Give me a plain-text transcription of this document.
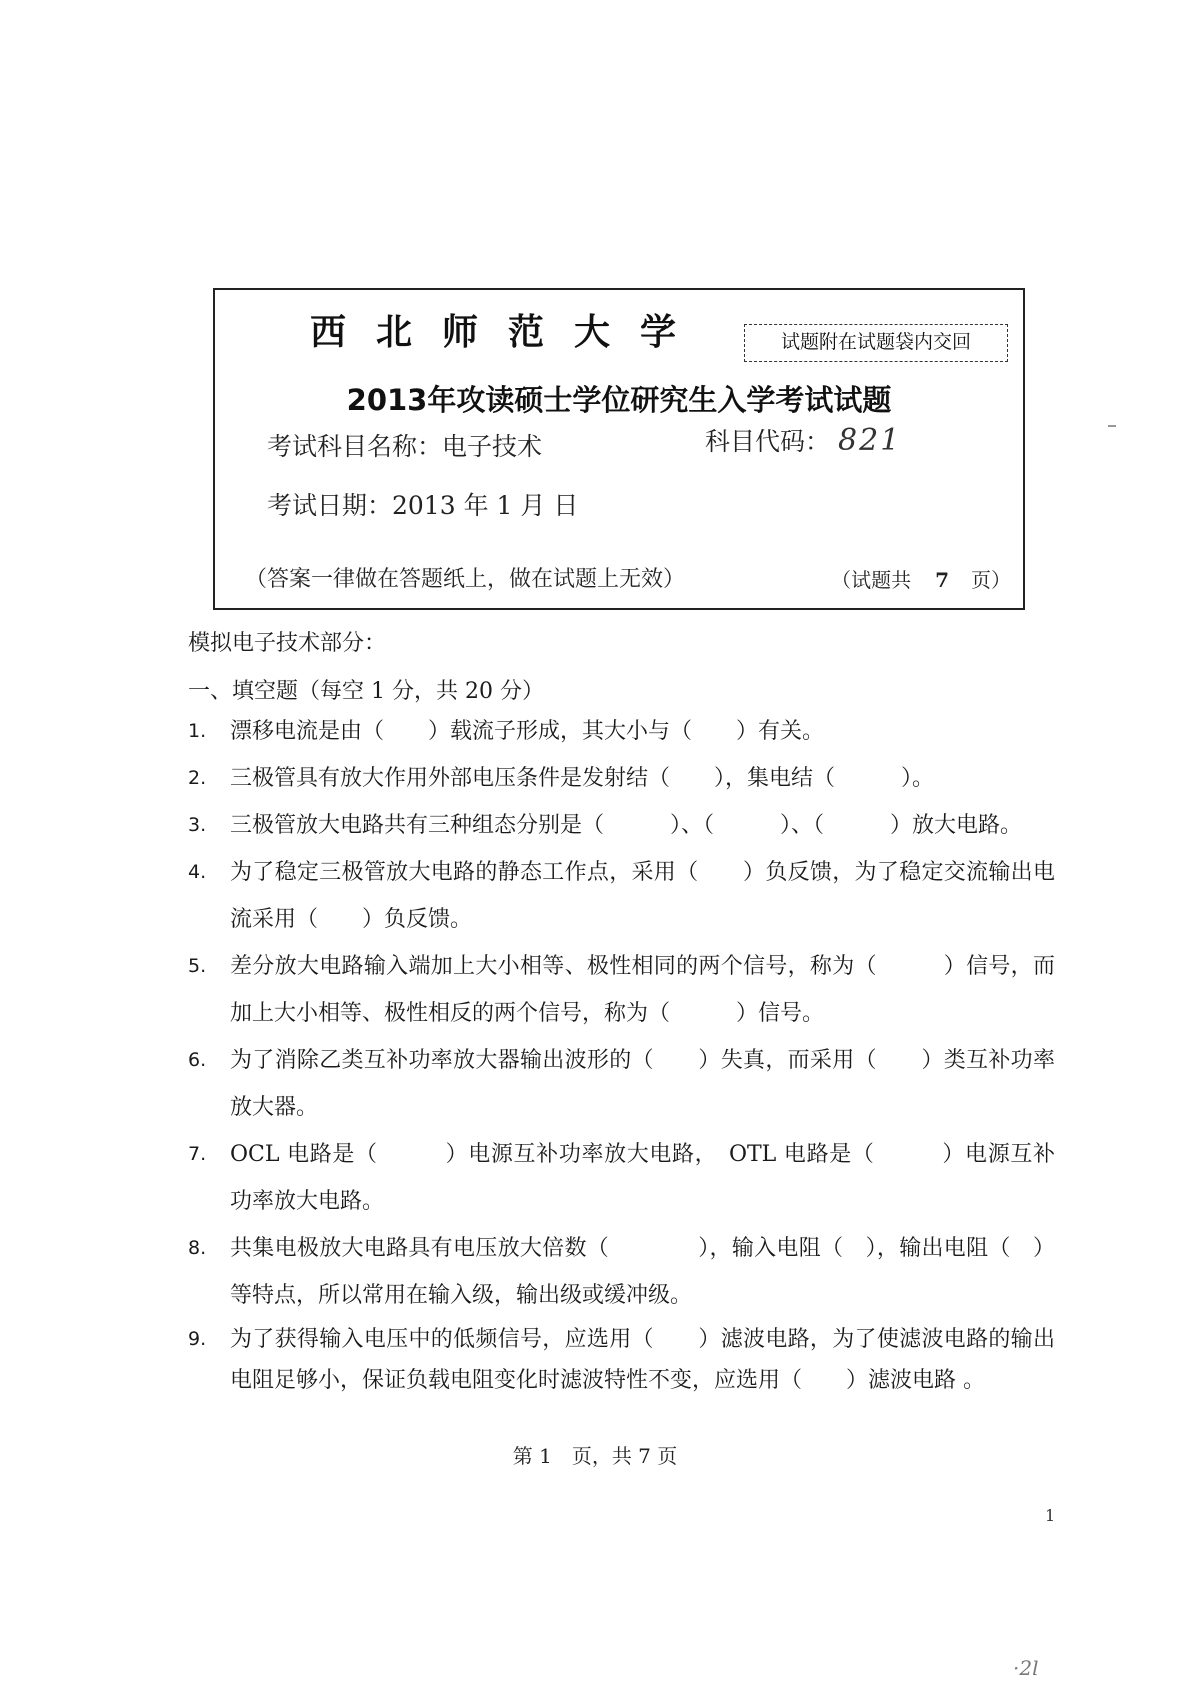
西北师范大学	试题附在试题袋内交回
2013年攻读硕士学位研究生入学考试试题
考试科目名称：电子技术	科目代码： 821
考试日期：2013 年 1 月 日
（答案一律做在答题纸上，做在试题上无效）	（试题共 7 页）
模拟电子技术部分：
一、填空题（每空 1 分，共 20 分）
1.	漂移电流是由（　　）载流子形成，其大小与（　　）有关。
2.	三极管具有放大作用外部电压条件是发射结（　　），集电结（　　　）。
3.	三极管放大电路共有三种组态分别是（　　　）、（　　　）、（　　　）放大电路。
4.	为了稳定三极管放大电路的静态工作点，采用（　　）负反馈，为了稳定交流输出电流采用（　　）负反馈。
5.	差分放大电路输入端加上大小相等、极性相同的两个信号，称为（　　　）信号，而加上大小相等、极性相反的两个信号，称为（　　　）信号。
6.	为了消除乙类互补功率放大器输出波形的（　　）失真，而采用（　　）类互补功率放大器。
7.	OCL 电路是（　　　）电源互补功率放大电路，　OTL 电路是（　　　）电源互补功率放大电路。
8.	共集电极放大电路具有电压放大倍数（　　　　），输入电阻（　），输出电阻（　）等特点，所以常用在输入级，输出级或缓冲级。
9.	为了获得输入电压中的低频信号，应选用（　　）滤波电路，为了使滤波电路的输出电阻足够小，保证负载电阻变化时滤波特性不变，应选用（　　）滤波电路 。
第 1　页，共 7 页
1
·2l
